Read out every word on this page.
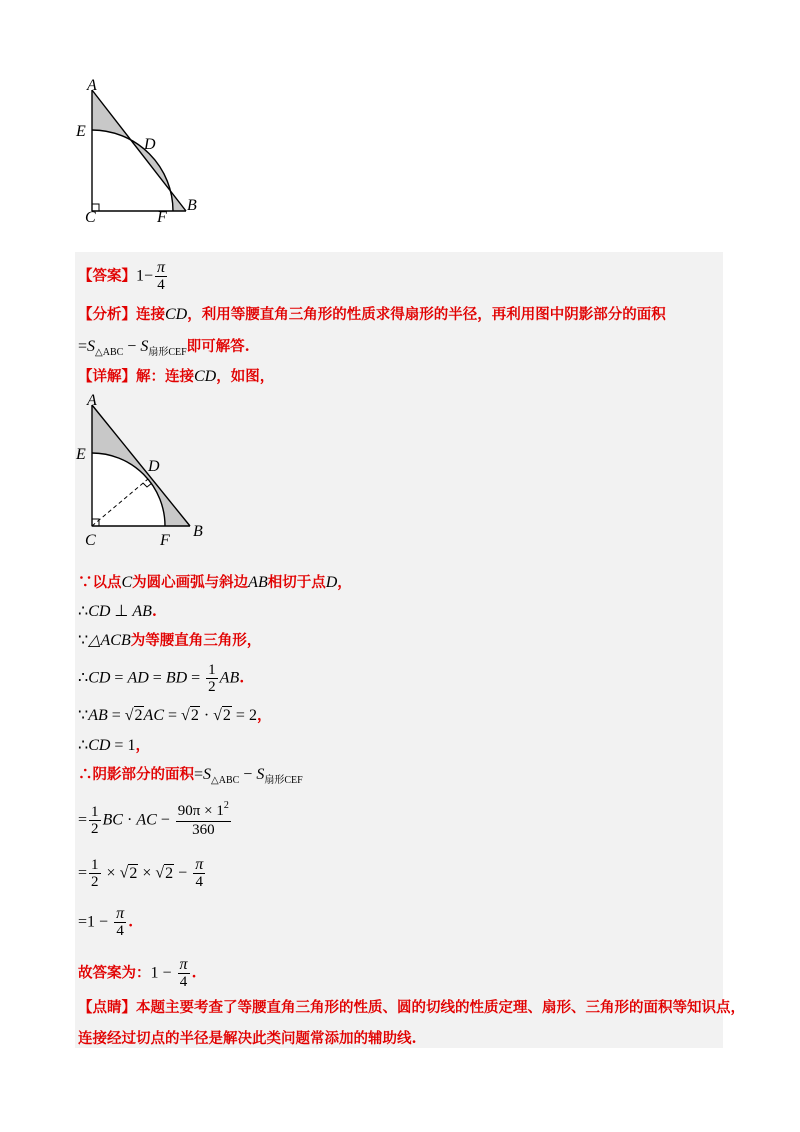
A
E
D
B
C	F
【答案】$1- \frac{\pi}{4}$
【分析】连接CD，利用等腰直角三角形的性质求得扇形的半径，再利用图中阴影部分的面积
$=S_{\triangle ABC} - S_{扇形CEF}$即可解答.
【详解】解：连接CD，如图，
A
E
D
B
C	F
∵以点C为圆心画弧与斜边AB相切于点D，
∴CD ⊥ AB.
∵△ACB为等腰直角三角形，
∴CD = AD = BD = $\frac{1}{2}$ AB.
∵AB = √2AC = √2 · √2 = 2，
∴CD = 1，
∴阴影部分的面积$=S_{\triangle ABC} - S_{扇形CEF}$
= $\frac{1}{2}$ BC · AC − $\frac{90\pi \times 1^2}{360}$
= $\frac{1}{2} \times √2 \times √2 - \frac{\pi}{4}$
$=1 - \frac{\pi}{4}$ .
故答案为：$1 - \frac{\pi}{4}$ .
【点睛】本题主要考查了等腰直角三角形的性质、圆的切线的性质定理、扇形、三角形的面积等知识点，
连接经过切点的半径是解决此类问题常添加的辅助线.
